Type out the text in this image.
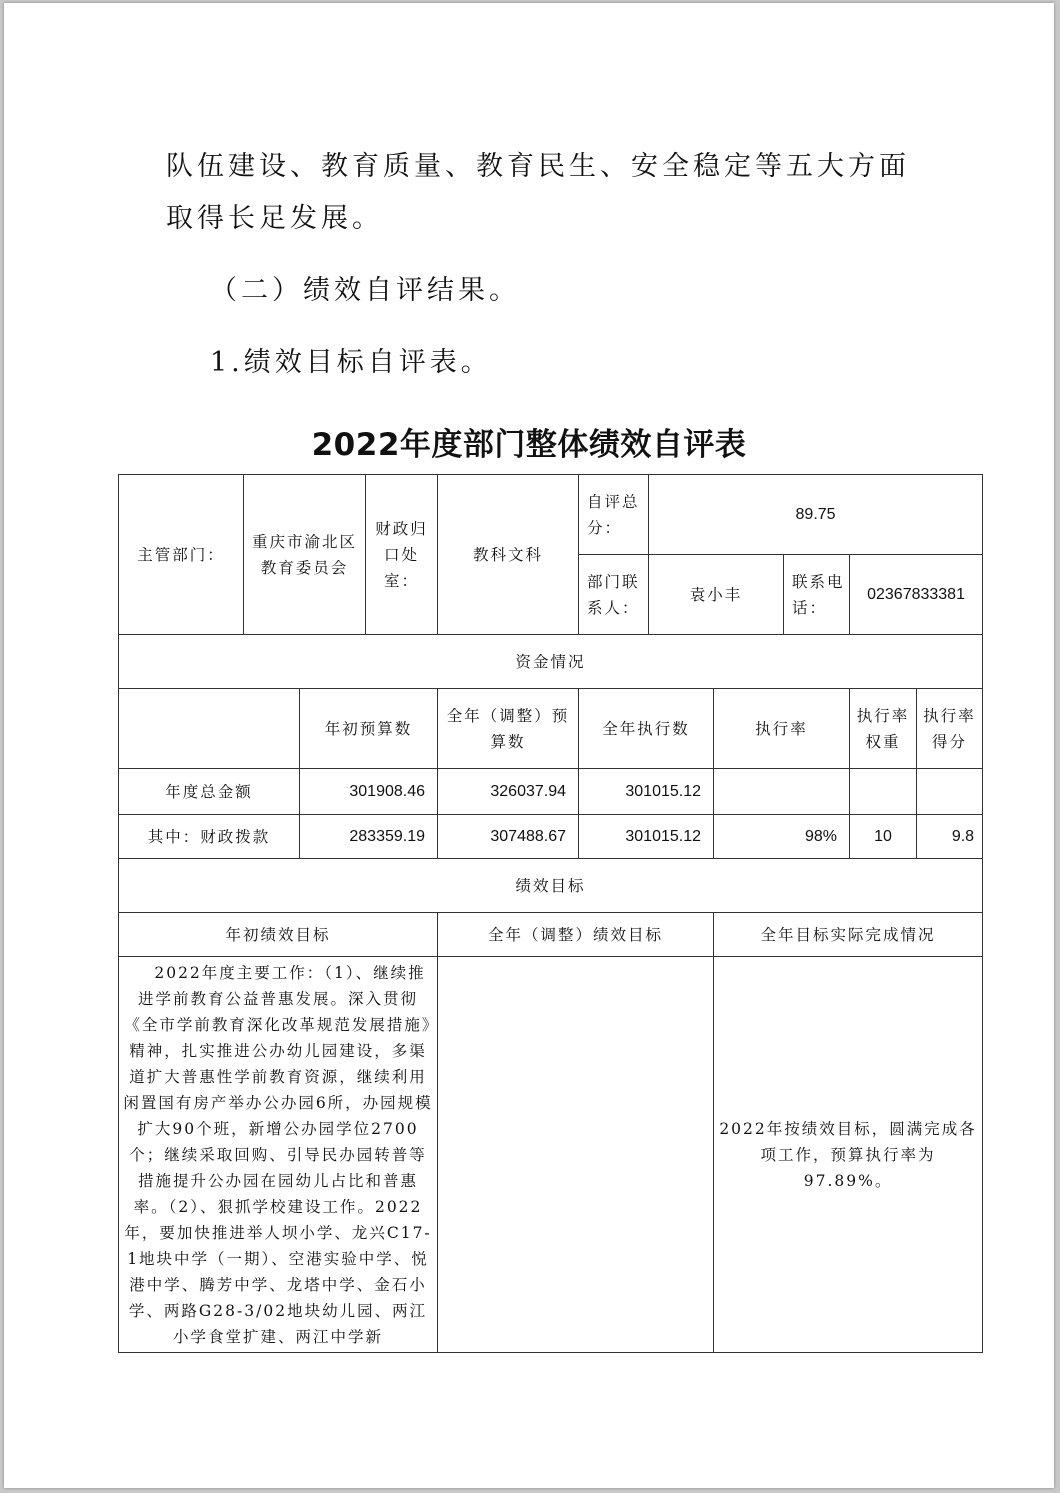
队伍建设、教育质量、教育民生、安全稳定等五大方面取得长足发展。

（二）绩效自评结果。

1.绩效目标自评表。

2022年度部门整体绩效自评表
主管部门：	重庆市渝北区教育委员会		财政归口处室：	教科文科	自评总分：	89.75				
					部门联系人：	袁小丰		联系电话：	02367833381	
资金情况										
		年初预算数		全年（调整）预算数	全年执行数		执行率		执行率权重	执行率得分
年度总金额		301908.46		326037.94	301015.12					
其中：财政拨款		283359.19		307488.67	301015.12		98%		10	9.8
绩效目标										
年初绩效目标				全年（调整）绩效目标			全年目标实际完成情况			
2022年度主要工作：（1）、继续推进学前教育公益普惠发展。深入贯彻《全市学前教育深化改革规范发展措施》精神，扎实推进公办幼儿园建设，多渠道扩大普惠性学前教育资源，继续利用闲置国有房产举办公办园6所，办园规模扩大90个班，新增公办园学位2700个；继续采取回购、引导民办园转普等措施提升公办园在园幼儿占比和普惠率。（2）、狠抓学校建设工作。2022年，要加快推进举人坝小学、龙兴C17-1地块中学（一期）、空港实验中学、悦港中学、腾芳中学、龙塔中学、金石小学、两路G28-3/02地块幼儿园、两江小学食堂扩建、两江中学新							2022年按绩效目标，圆满完成各项工作，预算执行率为97.89%。			
